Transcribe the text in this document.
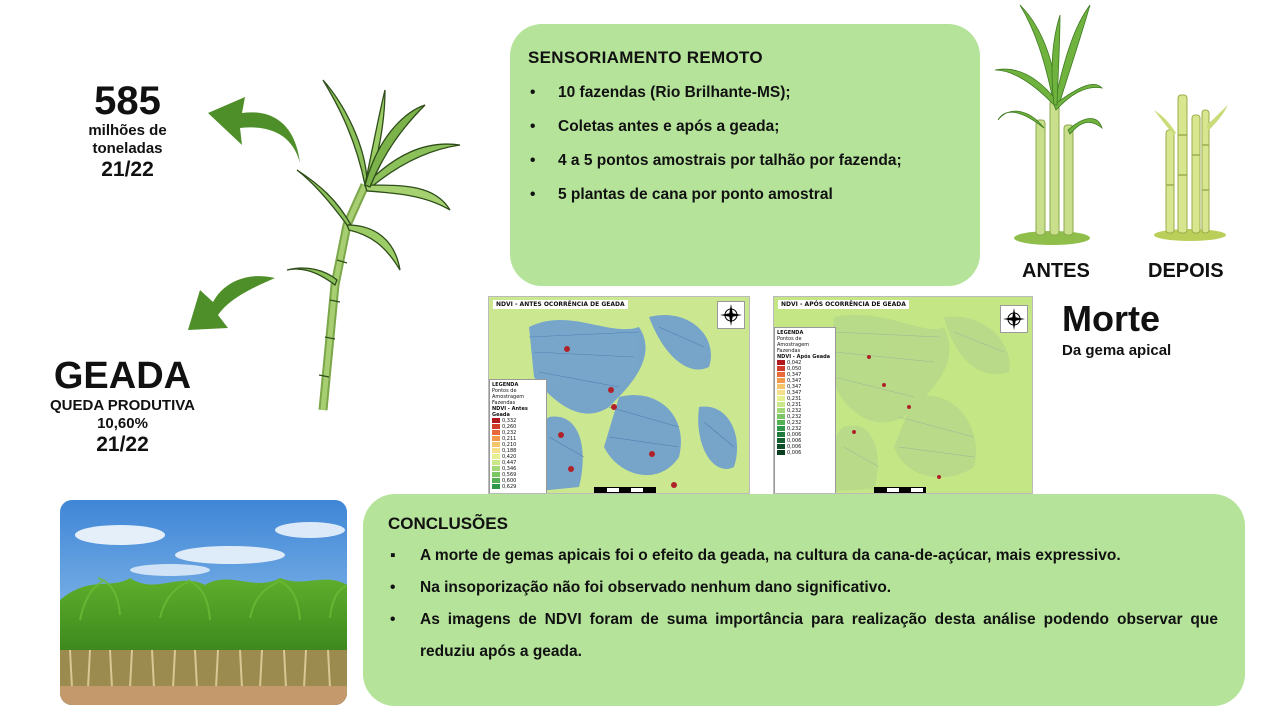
585
milhões de
toneladas
21/22
GEADA
QUEDA PRODUTIVA
10,60%
21/22
SENSORIAMENTO REMOTO
• 10 fazendas (Rio Brilhante-MS);
• Coletas antes e após a geada;
• 4 a 5 pontos amostrais por talhão por fazenda;
• 5 plantas de cana por ponto amostral
ANTES	DEPOIS
Morte
Da gema apical
NDVI - ANTES OCORRÊNCIA DE GEADA
LEGENDA
Pontos de Amostragem
Fazendas
NDVI - Antes Geada
0,332
0,260
0,232
0,211
0,210
0,188
0,420
0,447
0,346
0,569
0,600
0,629
NDVI - APÓS OCORRÊNCIA DE GEADA
LEGENDA
Pontos de Amostragem
Fazendas
NDVI - Após Geada
0,042
0,050
0,347
0,347
0,347
0,347
0,231
0,231
0,232
0,232
0,232
0,232
0,006
0,006
0,006
0,006
CONCLUSÕES
▪ A morte de gemas apicais foi o efeito da geada, na cultura da cana-de-açúcar, mais expressivo.
• Na insoporização não foi observado nenhum dano significativo.
• As imagens de NDVI foram de suma importância para realização desta análise podendo observar que reduziu após a geada.
